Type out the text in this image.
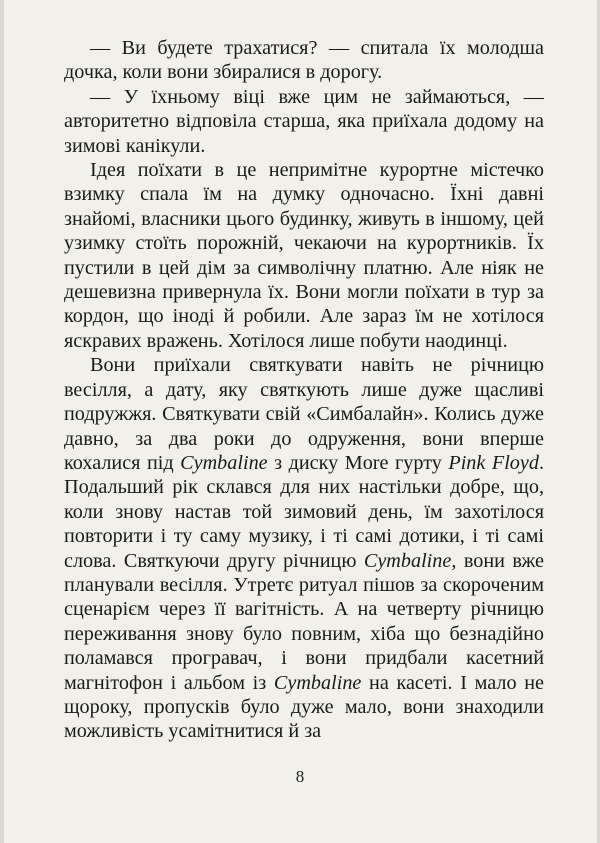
— Ви будете трахатися? — спитала їх молодша дочка, коли вони збиралися в дорогу.

— У їхньому віці вже цим не займаються, — авторитетно відповіла старша, яка приїхала додому на зимові канікули.

Ідея поїхати в це непримітне курортне містечко взимку спала їм на думку одночасно. Їхні давні знайомі, власники цього будинку, живуть в іншому, цей узимку стоїть порожній, чекаючи на курортників. Їх пустили в цей дім за символічну платню. Але ніяк не дешевизна привернула їх. Вони могли поїхати в тур за кордон, що іноді й робили. Але зараз їм не хотілося яскравих вражень. Хотілося лише побути наодинці.

Вони приїхали святкувати навіть не річницю весілля, а дату, яку святкують лише дуже щасливі подружжя. Святкувати свій «Симбалайн». Колись дуже давно, за два роки до одруження, вони вперше кохалися під Cymbaline з диску More гурту Pink Floyd. Подальший рік склався для них настільки добре, що, коли знову настав той зимовий день, їм захотілося повторити і ту саму музику, і ті самі дотики, і ті самі слова. Святкуючи другу річницю Cymbaline, вони вже планували весілля. Утретє ритуал пішов за скороченим сценарієм через її вагітність. А на четверту річницю переживання знову було повним, хіба що безнадійно поламався програвач, і вони придбали касетний магнітофон і альбом із Cymbaline на касеті. І мало не щороку, пропусків було дуже мало, вони знаходили можливість усамітнитися й за

8
